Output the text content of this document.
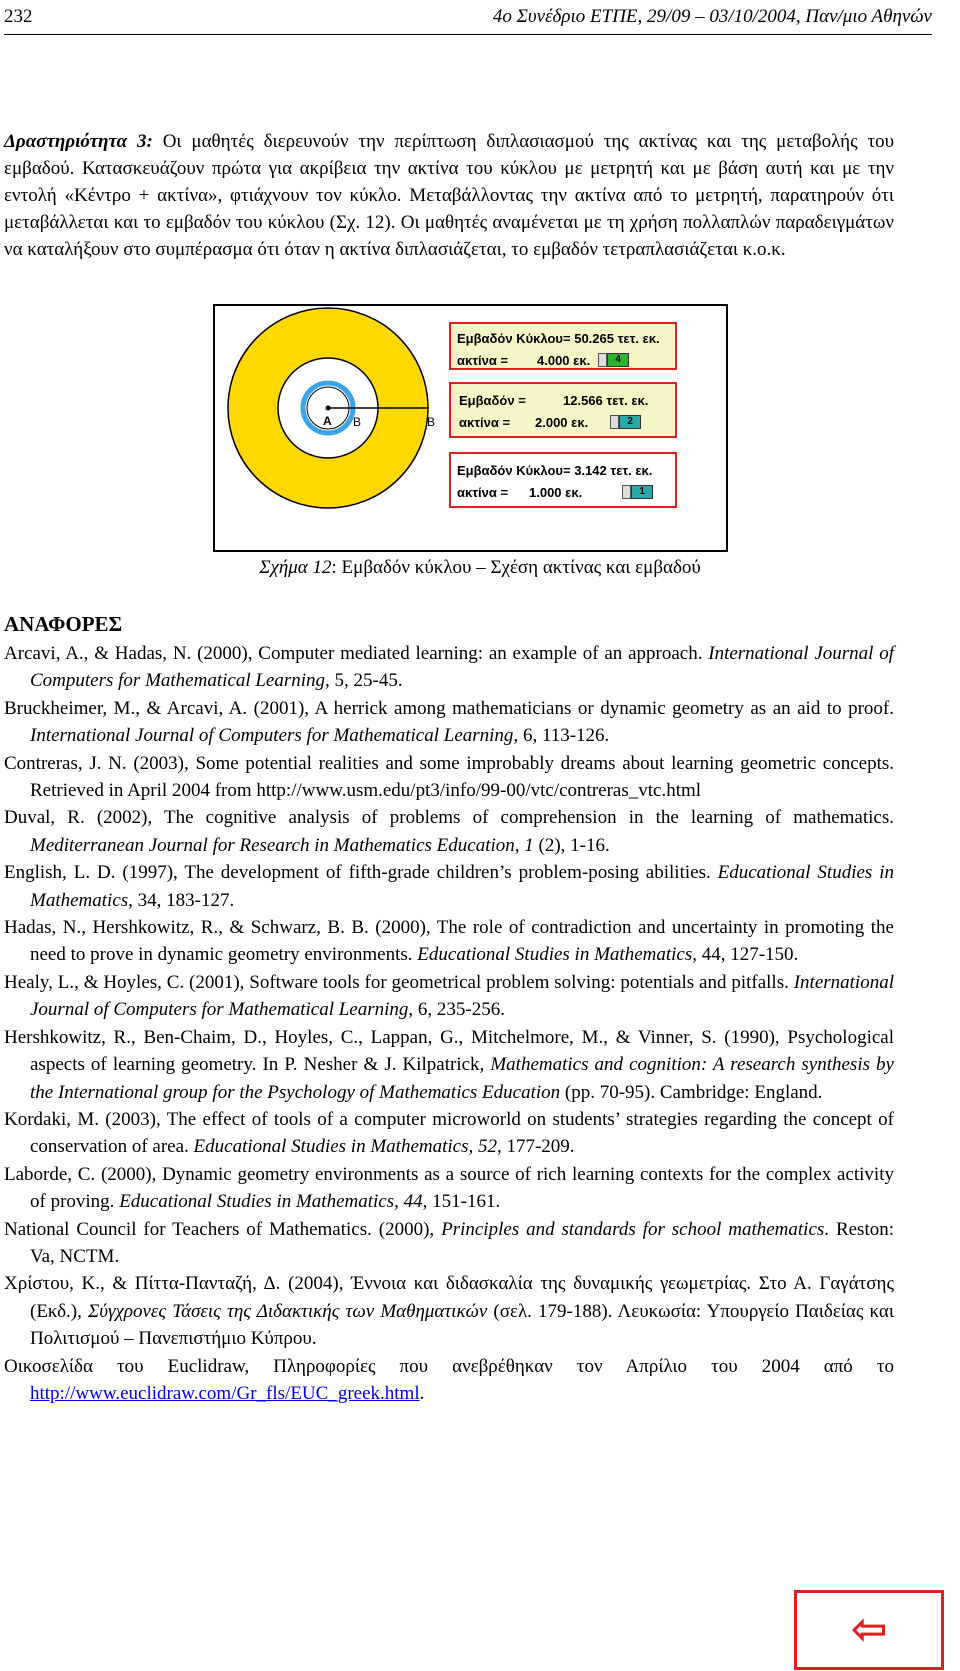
232	4ο Συνέδριο ΕΤΠΕ, 29/09 – 03/10/2004, Παν/μιο Αθηνών
Δραστηριότητα 3: Οι μαθητές διερευνούν την περίπτωση διπλασιασμού της ακτίνας και της μεταβολής του εμβαδού. Κατασκευάζουν πρώτα για ακρίβεια την ακτίνα του κύκλου με μετρητή και με βάση αυτή και με την εντολή «Κέντρο + ακτίνα», φτιάχνουν τον κύκλο. Μεταβάλλοντας την ακτίνα από το μετρητή, παρατηρούν ότι μεταβάλλεται και το εμβαδόν του κύκλου (Σχ. 12). Οι μαθητές αναμένεται με τη χρήση πολλαπλών παραδειγμάτων να καταλήξουν στο συμπέρασμα ότι όταν η ακτίνα διπλασιάζεται, το εμβαδόν τετραπλασιάζεται κ.ο.κ.
A B	B
Εμβαδόν Κύκλου=
50.265
τετ. εκ.
ακτίνα =	4.000
εκ.	4
Εμβαδόν =	12.566
τετ. εκ.
ακτίνα =	2.000
εκ.	2
Εμβαδόν Κύκλου=
3.142
τετ. εκ.
ακτίνα =	1.000
εκ.	1
Σχήμα 12: Εμβαδόν κύκλου – Σχέση ακτίνας και εμβαδού
ΑΝΑΦΟΡΕΣ
Arcavi, A., & Hadas, N. (2000), Computer mediated learning: an example of an approach. International Journal of Computers for Mathematical Learning, 5, 25-45.
Bruckheimer, M., & Arcavi, A. (2001), A herrick among mathematicians or dynamic geometry as an aid to proof. International Journal of Computers for Mathematical Learning, 6, 113-126.
Contreras, J. N. (2003), Some potential realities and some improbably dreams about learning geometric concepts. Retrieved in April 2004 from http://www.usm.edu/pt3/info/99-00/vtc/contreras_vtc.html
Duval, R. (2002), The cognitive analysis of problems of comprehension in the learning of mathematics. Mediterranean Journal for Research in Mathematics Education, 1 (2), 1-16.
English, L. D. (1997), The development of fifth-grade children’s problem-posing abilities. Educational Studies in Mathematics, 34, 183-127.
Hadas, N., Hershkowitz, R., & Schwarz, B. B. (2000), The role of contradiction and uncertainty in promoting the need to prove in dynamic geometry environments. Educational Studies in Mathematics, 44, 127-150.
Healy, L., & Hoyles, C. (2001), Software tools for geometrical problem solving: potentials and pitfalls. International Journal of Computers for Mathematical Learning, 6, 235-256.
Hershkowitz, R., Ben-Chaim, D., Hoyles, C., Lappan, G., Mitchelmore, M., & Vinner, S. (1990), Psychological aspects of learning geometry. In P. Nesher & J. Kilpatrick, Mathematics and cognition: A research synthesis by the International group for the Psychology of Mathematics Education (pp. 70-95). Cambridge: England.
Kordaki, M. (2003), The effect of tools of a computer microworld on students’ strategies regarding the concept of conservation of area. Educational Studies in Mathematics, 52, 177-209.
Laborde, C. (2000), Dynamic geometry environments as a source of rich learning contexts for the complex activity of proving. Educational Studies in Mathematics, 44, 151-161.
National Council for Teachers of Mathematics. (2000), Principles and standards for school mathematics. Reston: Va, NCTM.
Χρίστου, Κ., & Πίττα-Πανταζή, Δ. (2004), Έννοια και διδασκαλία της δυναμικής γεωμετρίας. Στο Α. Γαγάτσης (Εκδ.), Σύγχρονες Τάσεις της Διδακτικής των Μαθηματικών (σελ. 179-188). Λευκωσία: Υπουργείο Παιδείας και Πολιτισμού – Πανεπιστήμιο Κύπρου.
Οικοσελίδα του Euclidraw, Πληροφορίες που ανεβρέθηκαν τον Απρίλιο του 2004 από το http://www.euclidraw.com/Gr_fls/EUC_greek.html.
⇦
